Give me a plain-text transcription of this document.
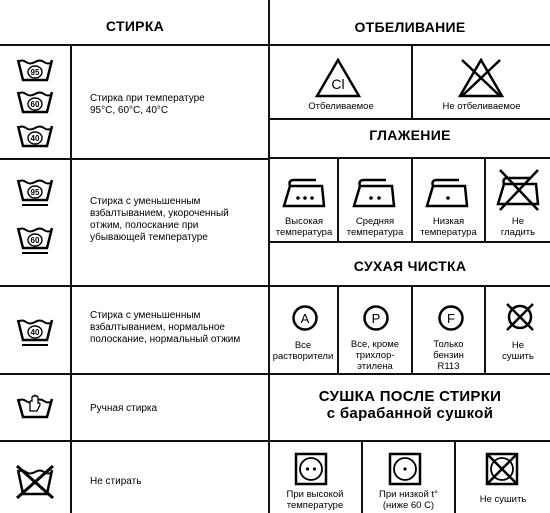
СТИРКА	ОТБЕЛИВАНИЕ
ГЛАЖЕНИЕ
СУХАЯ ЧИСТКА
СУШКА ПОСЛЕ СТИРКИ
с барабанной сушкой
95
60
40
Стирка при температуре
95°С, 60°С, 40°С
95
60
Стирка с уменьшенным
взбалтыванием, укороченный
отжим, полоскание при
убывающей температуре
40
Стирка с уменьшенным
взбалтыванием, нормальное
полоскание, нормальный отжим
Ручная стирка
Не стирать
Cl
Отбеливаемое	Не отбеливаемое
Высокая
температура
Средняя
температура
Низкая
температура
Не
гладить
A
Все
растворители
P
Все, кроме
трихлор-
этилена
F
Только
бензин
R113
Не
сушить
При высокой
температуре
При низкой t°
(ниже 60 С)
Не сушить
